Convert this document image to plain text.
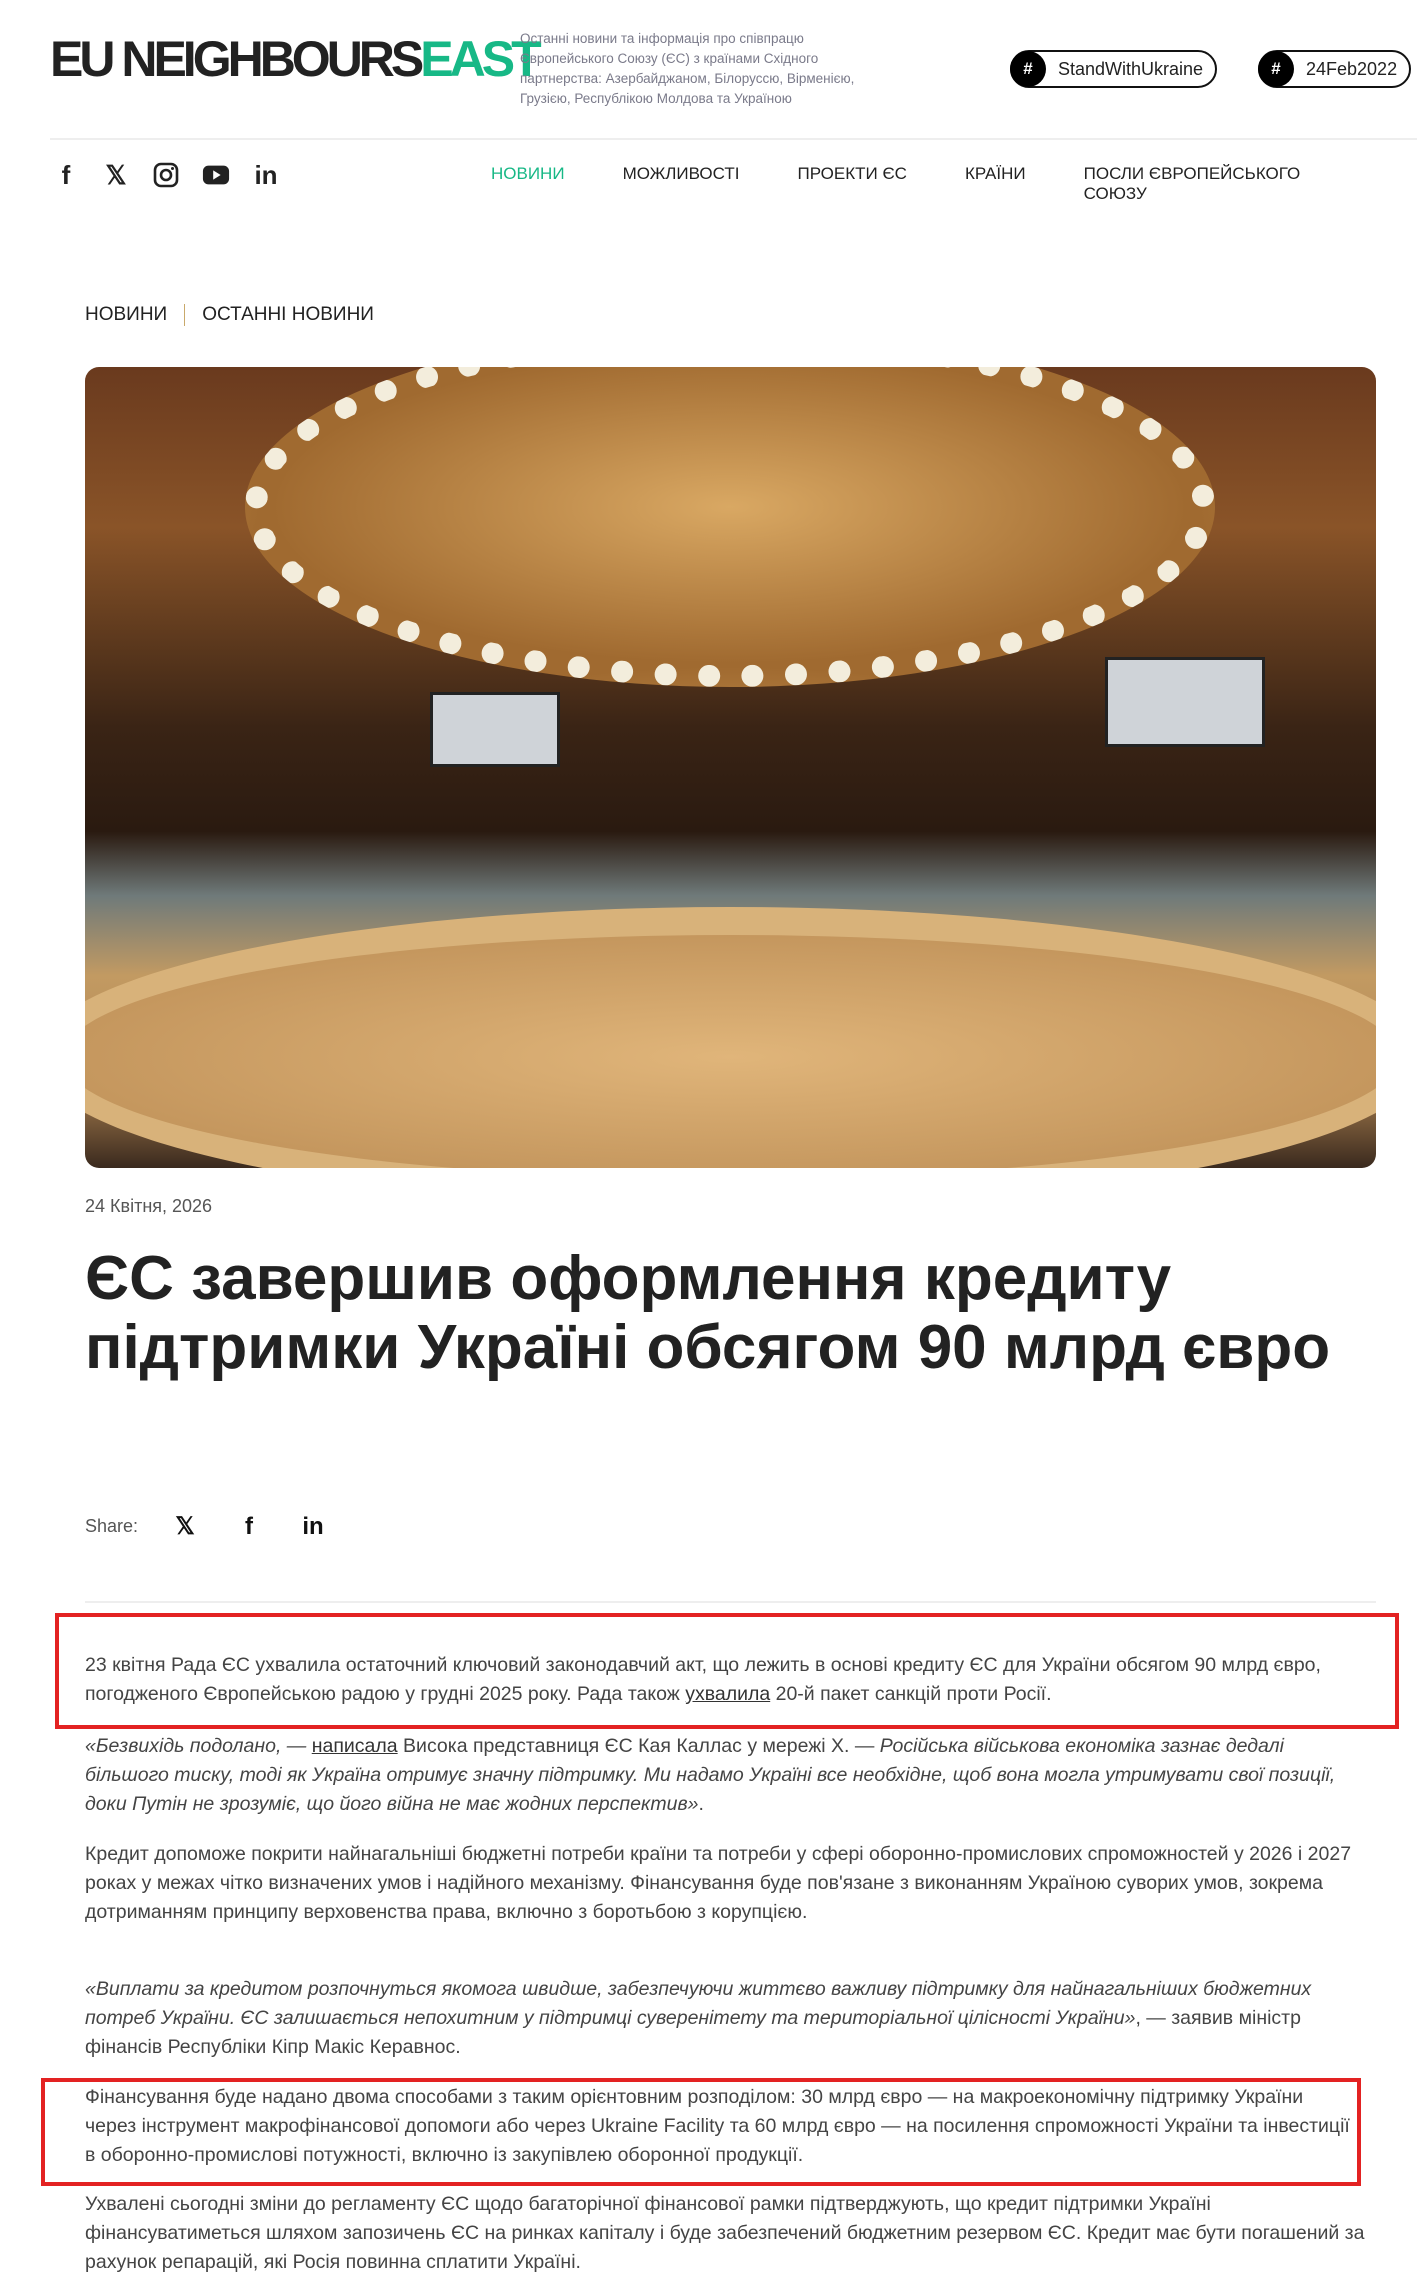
EU NEIGHBOURSEAST
Останні новини та інформація про співпрацю Європейського Союзу (ЄС) з країнами Східного партнерства: Азербайджаном, Білоруссю, Вірменією, Грузією, Республікою Молдова та Україною
#	StandWithUkraine	#	24Feb2022
f	𝕏	in	НОВИНИ	МОЖЛИВОСТІ	ПРОЕКТИ ЄС	КРАЇНИ	ПОСЛИ ЄВРОПЕЙСЬКОГО СОЮЗУ
НОВИНИ ОСТАННІ НОВИНИ
24 Квітня, 2026
ЄС завершив оформлення кредиту підтримки Україні обсягом 90 млрд євро
Share:	𝕏	f	in

23 квітня Рада ЄС ухвалила остаточний ключовий законодавчий акт, що лежить в основі кредиту ЄС для України обсягом 90 млрд євро, погодженого Європейською радою у грудні 2025 року. Рада також ухвалила 20-й пакет санкцій проти Росії.

«Безвихідь подолано, — написала Висока представниця ЄС Кая Каллас у мережі Х. — Російська військова економіка зазнає дедалі більшого тиску, тоді як Україна отримує значну підтримку. Ми надамо Україні все необхідне, щоб вона могла утримувати свої позиції, доки Путін не зрозуміє, що його війна не має жодних перспектив».

Кредит допоможе покрити найнагальніші бюджетні потреби країни та потреби у сфері оборонно-промислових спроможностей у 2026 і 2027 роках у межах чітко визначених умов і надійного механізму. Фінансування буде пов'язане з виконанням Україною суворих умов, зокрема дотриманням принципу верховенства права, включно з боротьбою з корупцією.

«Виплати за кредитом розпочнуться якомога швидше, забезпечуючи життєво важливу підтримку для найнагальніших бюджетних потреб України. ЄС залишається непохитним у підтримці суверенітету та територіальної цілісності України», — заявив міністр фінансів Республіки Кіпр Макіс Керавнос.

Фінансування буде надано двома способами з таким орієнтовним розподілом: 30 млрд євро — на макроекономічну підтримку України через інструмент макрофінансової допомоги або через Ukraine Facility та 60 млрд євро — на посилення спроможності України та інвестиції в оборонно-промислові потужності, включно із закупівлею оборонної продукції.

Ухвалені сьогодні зміни до регламенту ЄС щодо багаторічної фінансової рамки підтверджують, що кредит підтримки Україні фінансуватиметься шляхом запозичень ЄС на ринках капіталу і буде забезпечений бюджетним резервом ЄС. Кредит має бути погашений за рахунок репарацій, які Росія повинна сплатити Україні.
